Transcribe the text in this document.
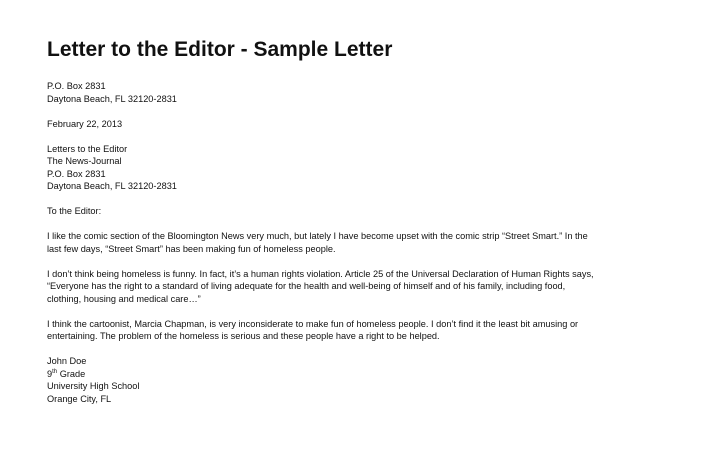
Letter to the Editor - Sample Letter
P.O. Box 2831
Daytona Beach, FL 32120-2831
February 22, 2013
Letters to the Editor
The News-Journal
P.O. Box 2831
Daytona Beach, FL 32120-2831
To the Editor:
I like the comic section of the Bloomington News very much, but lately I have become upset with the comic strip “Street Smart.” In the
last few days, “Street Smart” has been making fun of homeless people.
I don’t think being homeless is funny. In fact, it’s a human rights violation. Article 25 of the Universal Declaration of Human Rights says,
“Everyone has the right to a standard of living adequate for the health and well-being of himself and of his family, including food,
clothing, housing and medical care…”
I think the cartoonist, Marcia Chapman, is very inconsiderate to make fun of homeless people. I don’t find it the least bit amusing or
entertaining. The problem of the homeless is serious and these people have a right to be helped.
John Doe
9th Grade
University High School
Orange City, FL
